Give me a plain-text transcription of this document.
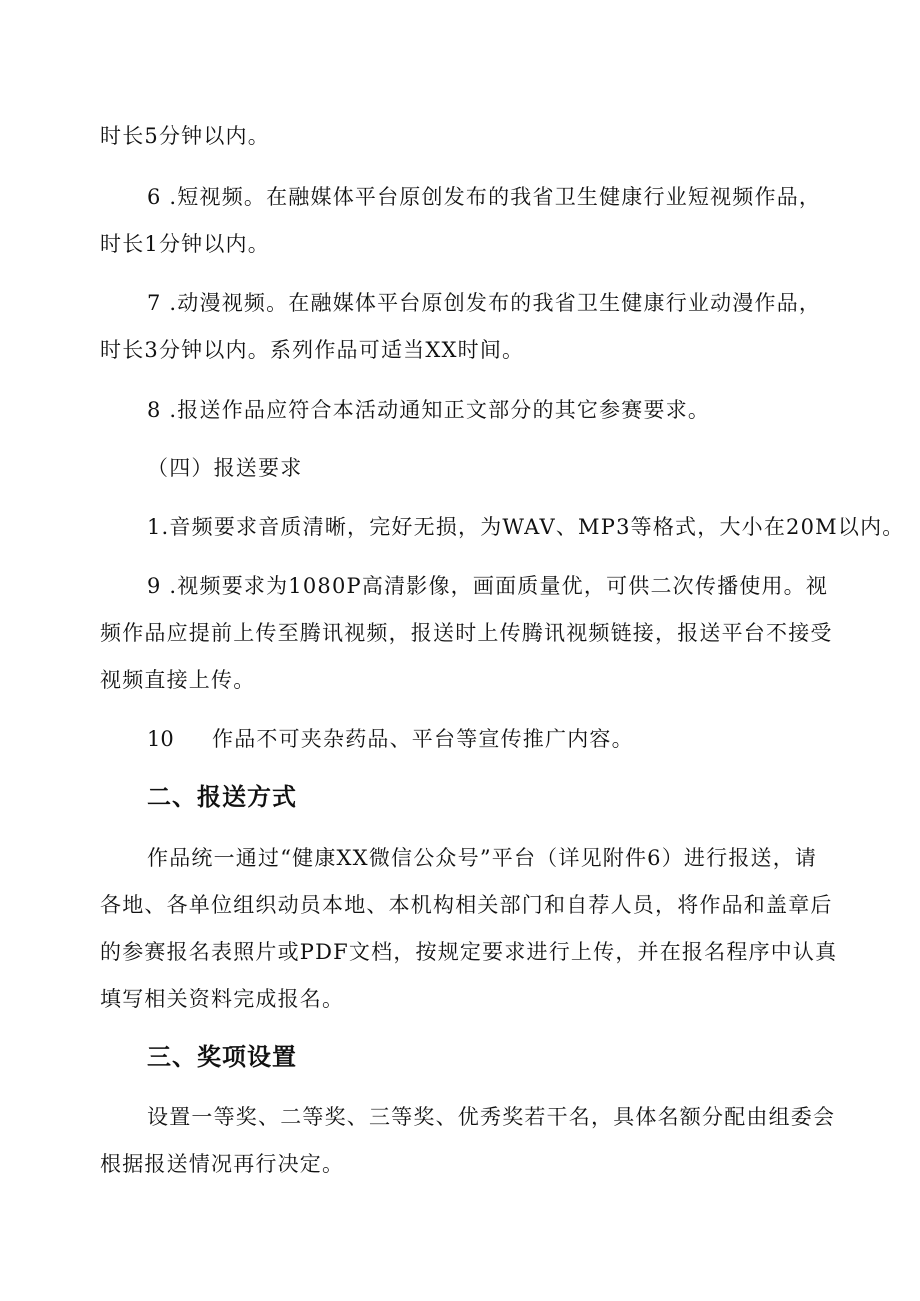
时长5分钟以内。
6 .短视频。在融媒体平台原创发布的我省卫生健康行业短视频作品，
时长1分钟以内。
7 .动漫视频。在融媒体平台原创发布的我省卫生健康行业动漫作品，
时长3分钟以内。系列作品可适当XX时间。
8 .报送作品应符合本活动通知正文部分的其它参赛要求。
（四）报送要求
1.音频要求音质清晰，完好无损，为WAV、MP3等格式，大小在20M以内。
9 .视频要求为1080P高清影像，画面质量优，可供二次传播使用。视
频作品应提前上传至腾讯视频，报送时上传腾讯视频链接，报送平台不接受
视频直接上传。
10 作品不可夹杂药品、平台等宣传推广内容。
二、报送方式
作品统一通过“健康XX微信公众号”平台（详见附件6）进行报送，请
各地、各单位组织动员本地、本机构相关部门和自荐人员，将作品和盖章后
的参赛报名表照片或PDF文档，按规定要求进行上传，并在报名程序中认真
填写相关资料完成报名。
三、奖项设置
设置一等奖、二等奖、三等奖、优秀奖若干名，具体名额分配由组委会
根据报送情况再行决定。
